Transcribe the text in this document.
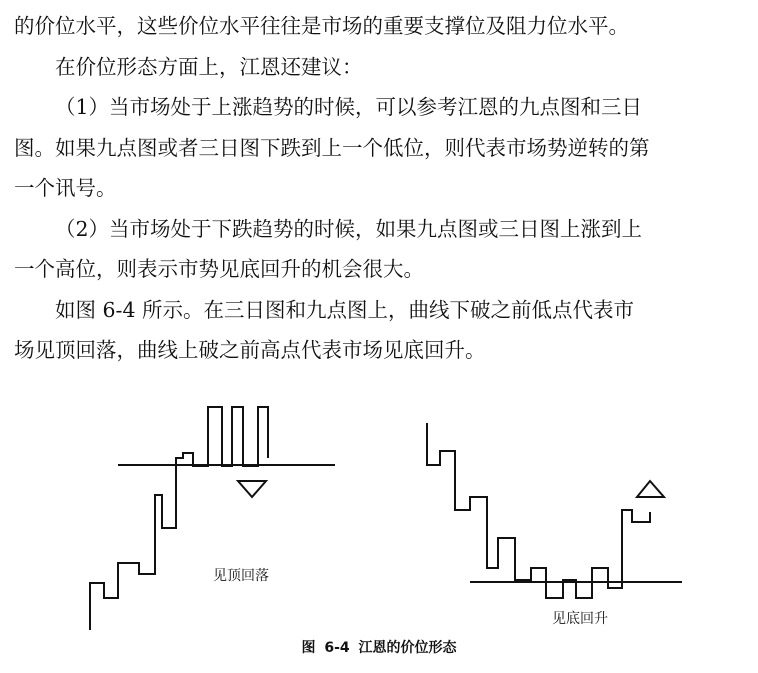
的价位水平，这些价位水平往往是市场的重要支撑位及阻力位水平。

在价位形态方面上，江恩还建议：

（1）当市场处于上涨趋势的时候，可以参考江恩的九点图和三日
图。如果九点图或者三日图下跌到上一个低位，则代表市场势逆转的第
一个讯号。

（2）当市场处于下跌趋势的时候，如果九点图或三日图上涨到上
一个高位，则表示市势见底回升的机会很大。

如图 6-4 所示。在三日图和九点图上，曲线下破之前低点代表市
场见顶回落，曲线上破之前高点代表市场见底回升。

见顶回落
见底回升
图 6-4 江恩的价位形态
